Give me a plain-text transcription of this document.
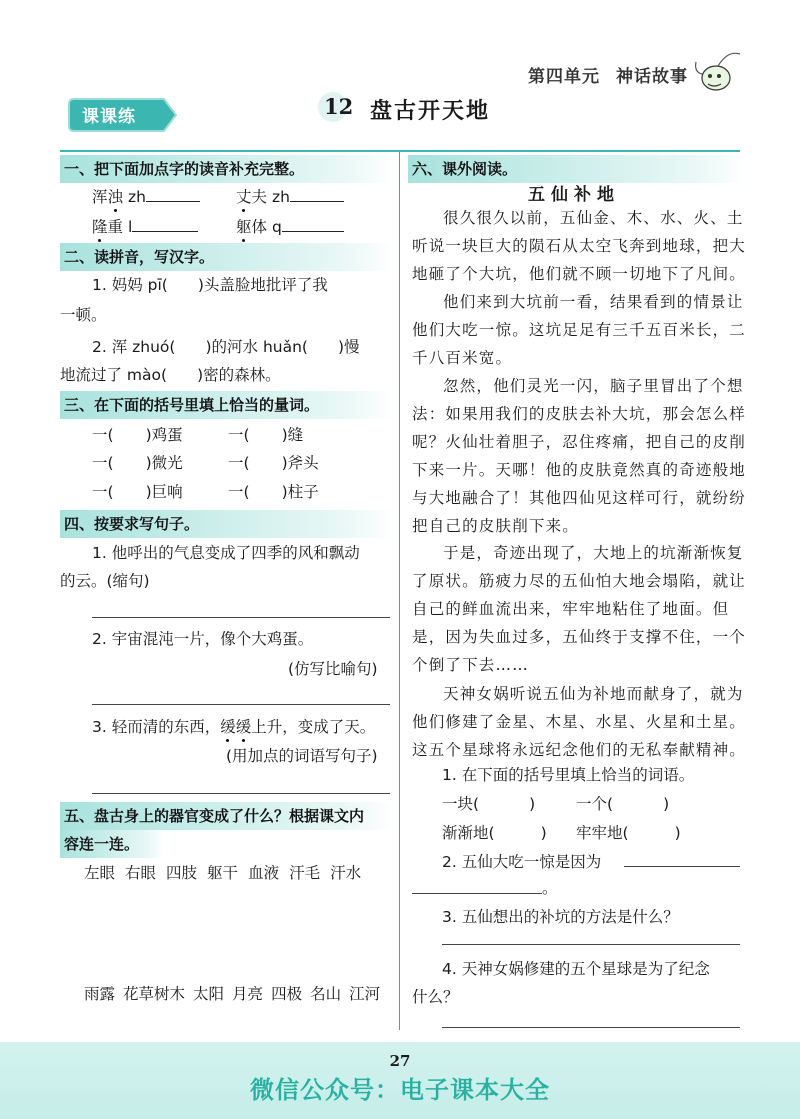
第四单元 神话故事
课课练	12 盘古开天地
一、把下面加点字的读音补充完整。
浑浊 zh	丈夫 zh
隆重 l	躯体 q
二、读拼音，写汉字。
1. 妈妈 pī( )头盖脸地批评了我
一顿。
2. 浑 zhuó( )的河水 huǎn( )慢
地流过了 mào( )密的森林。
三、在下面的括号里填上恰当的量词。
一( )鸡蛋	一( )缝
一( )微光	一( )斧头
一( )巨响	一( )柱子
四、按要求写句子。
1. 他呼出的气息变成了四季的风和飘动
的云。(缩句)
2. 宇宙混沌一片，像个大鸡蛋。
(仿写比喻句)
3. 轻而清的东西，缓缓上升，变成了天。
(用加点的词语写句子)
五、盘古身上的器官变成了什么？根据课文内
容连一连。
左眼 右眼 四肢 躯干 血液 汗毛 汗水
雨露 花草树木 太阳 月亮 四极 名山 江河
六、课外阅读。
五仙补地
很久很久以前，五仙金、木、水、火、土听说一块巨大的陨石从太空飞奔到地球，把大地砸了个大坑，他们就不顾一切地下了凡间。
他们来到大坑前一看，结果看到的情景让他们大吃一惊。这坑足足有三千五百米长，二千八百米宽。
忽然，他们灵光一闪，脑子里冒出了个想法：如果用我们的皮肤去补大坑，那会怎么样呢？火仙壮着胆子，忍住疼痛，把自己的皮削下来一片。天哪！他的皮肤竟然真的奇迹般地与大地融合了！其他四仙见这样可行，就纷纷把自己的皮肤削下来。
于是，奇迹出现了，大地上的坑渐渐恢复了原状。筋疲力尽的五仙怕大地会塌陷，就让自己的鲜血流出来，牢牢地粘住了地面。但是，因为失血过多，五仙终于支撑不住，一个个倒了下去……
天神女娲听说五仙为补地而献身了，就为他们修建了金星、木星、水星、火星和土星。这五个星球将永远纪念他们的无私奉献精神。
1. 在下面的括号里填上恰当的词语。
一块(	)	一个(	)
渐渐地(	) 牢牢地(	)
2. 五仙大吃一惊是因为
。
3. 五仙想出的补坑的方法是什么？
4. 天神女娲修建的五个星球是为了纪念
什么？
27
微信公众号：电子课本大全
